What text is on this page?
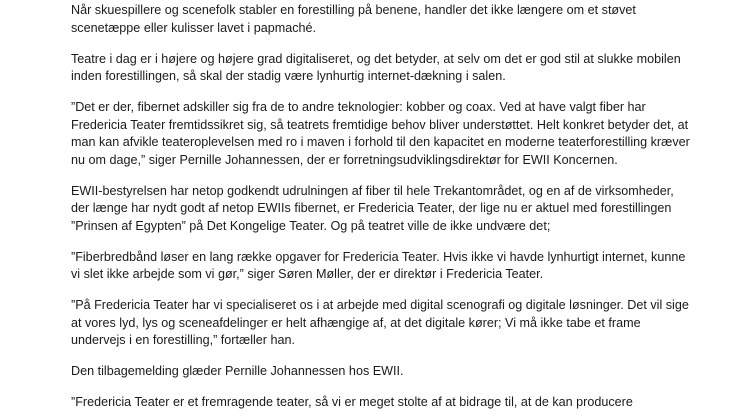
Når skuespillere og scenefolk stabler en forestilling på benene, handler det ikke længere om et støvet scenetæppe eller kulisser lavet i papmaché.

Teatre i dag er i højere og højere grad digitaliseret, og det betyder, at selv om det er god stil at slukke mobilen inden forestillingen, så skal der stadig være lynhurtig internet-dækning i salen.

”Det er der, fibernet adskiller sig fra de to andre teknologier: kobber og coax. Ved at have valgt fiber har Fredericia Teater fremtidssikret sig, så teatrets fremtidige behov bliver understøttet. Helt konkret betyder det, at man kan afvikle teateroplevelsen med ro i maven i forhold til den kapacitet en moderne teaterforestilling kræver nu om dage,” siger Pernille Johannessen, der er forretningsudviklingsdirektør for EWII Koncernen.

EWII-bestyrelsen har netop godkendt udrulningen af fiber til hele Trekantområdet, og en af de virksomheder, der længe har nydt godt af netop EWIIs fibernet, er Fredericia Teater, der lige nu er aktuel med forestillingen ”Prinsen af Egypten” på Det Kongelige Teater. Og på teatret ville de ikke undvære det;

”Fiberbredbånd løser en lang række opgaver for Fredericia Teater. Hvis ikke vi havde lynhurtigt internet, kunne vi slet ikke arbejde som vi gør,” siger Søren Møller, der er direktør i Fredericia Teater.

”På Fredericia Teater har vi specialiseret os i at arbejde med digital scenografi og digitale løsninger. Det vil sige at vores lyd, lys og sceneafdelinger er helt afhængige af, at det digitale kører; Vi må ikke tabe et frame undervejs i en forestilling,” fortæller han.

Den tilbagemelding glæder Pernille Johannessen hos EWII.

”Fredericia Teater er et fremragende teater, så vi er meget stolte af at bidrage til, at de kan producere
